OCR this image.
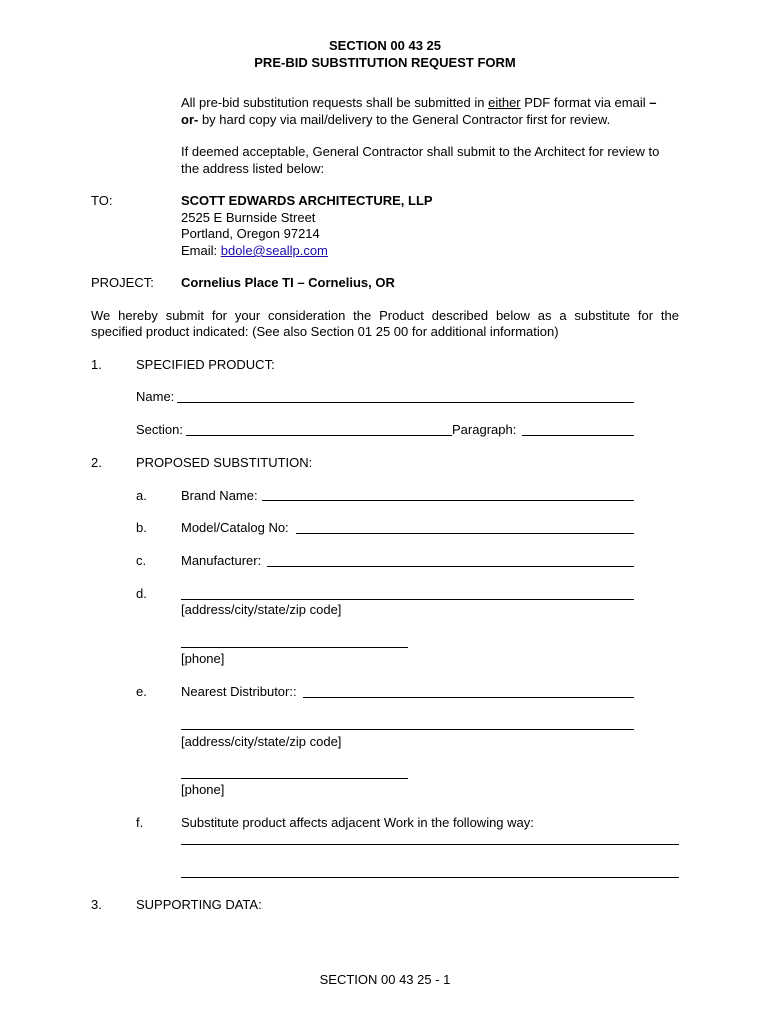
SECTION 00 43 25
PRE-BID SUBSTITUTION REQUEST FORM
All pre-bid substitution requests shall be submitted in either PDF format via email –
or- by hard copy via mail/delivery to the General Contractor first for review.
If deemed acceptable, General Contractor shall submit to the Architect for review to
the address listed below:
TO:	SCOTT EDWARDS ARCHITECTURE, LLP
2525 E Burnside Street
Portland, Oregon 97214
Email: bdole@seallp.com
PROJECT: Cornelius Place TI – Cornelius, OR
We hereby submit for your consideration the Product described below as a substitute for the
specified product indicated: (See also Section 01 25 00 for additional information)
1.	SPECIFIED PRODUCT:
Name:
Section:	Paragraph:
2.	PROPOSED SUBSTITUTION:
a.	Brand Name:
b.	Model/Catalog No:
c.	Manufacturer:
d.
[address/city/state/zip code]
[phone]
e.	Nearest Distributor::
[address/city/state/zip code]
[phone]
f.	Substitute product affects adjacent Work in the following way:
3.	SUPPORTING DATA:
SECTION 00 43 25 - 1
